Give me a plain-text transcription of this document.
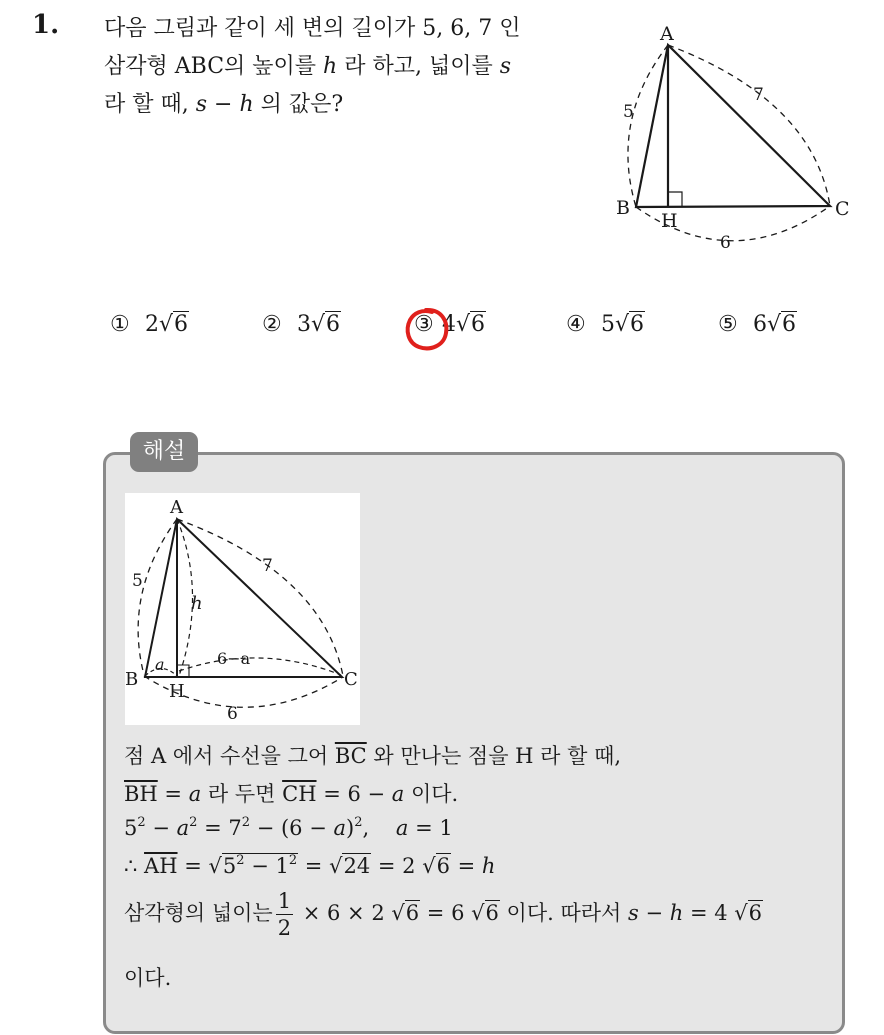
1. 다음 그림과 같이 세 변의 길이가 5, 6, 7 인
삼각형 ABC의 높이를 h 라 하고, 넓이를 s
라 할 때, s − h 의 값은?
A
B	C
H
5
7
6
① 2√6	② 3√6	③ 4√6	④ 5√6	⑤ 6√6
해설
A
B	C
H
5
7
6
h
a	6−a
점 A 에서 수선을 그어 $\overline{BC}$ 와 만나는 점을 H 라 할 때,
$\overline{BH} = a$ 라 두면 $\overline{CH} = 6 - a$ 이다.
$5^2 - a^2 = 7^2 - (6 - a)^2$,    a = 1
∴ $\overline{AH} = √5^2 - 1^2 = √24 = 2$ √6 = h
삼각형의 넓이는 $\frac{1}{2} \times 6 \times 2$ √6 = 6 √6 이다. 따라서 s − h = 4 √6
이다.
